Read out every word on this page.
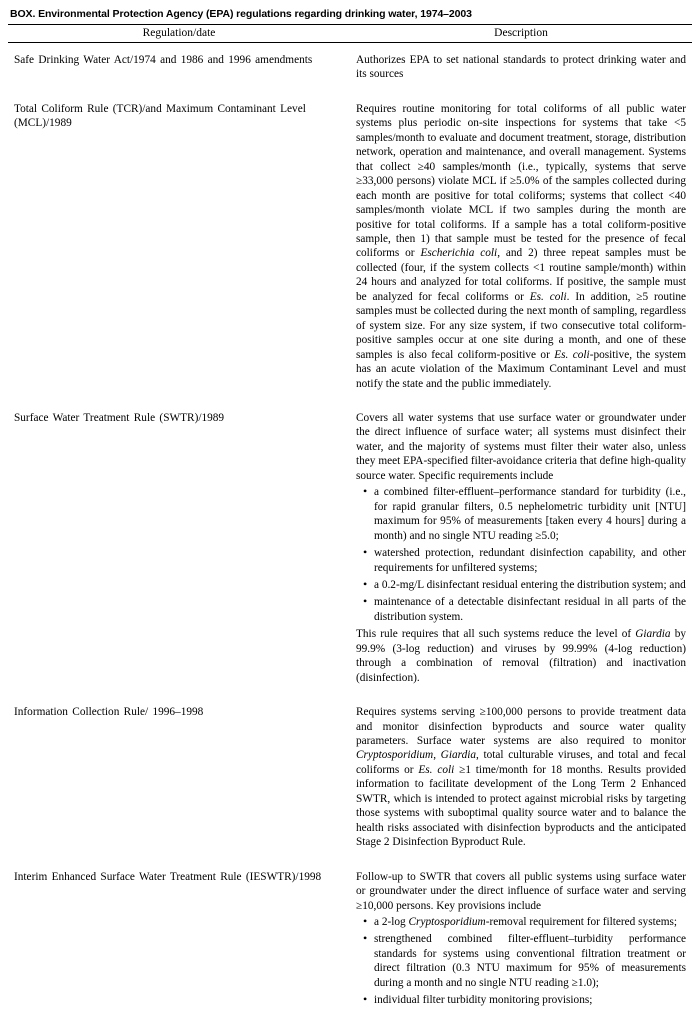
BOX. Environmental Protection Agency (EPA) regulations regarding drinking water, 1974–2003
Regulation/date	Description

Safe Drinking Water Act/1974 and 1986 and 1996 amendments	Authorizes EPA to set national standards to protect drinking water and its sources

Total Coliform Rule (TCR)/and Maximum Contaminant Level (MCL)/1989	Requires routine monitoring for total coliforms of all public water systems plus periodic on-site inspections for systems that take <5 samples/month to evaluate and document treatment, storage, distribution network, operation and maintenance, and overall management. Systems that collect ≥40 samples/month (i.e., typically, systems that serve ≥33,000 persons) violate MCL if ≥5.0% of the samples collected during each month are positive for total coliforms; systems that collect <40 samples/month violate MCL if two samples during the month are positive for total coliforms. If a sample has a total coliform-positive sample, then 1) that sample must be tested for the presence of fecal coliforms or Escherichia coli, and 2) three repeat samples must be collected (four, if the system collects <1 routine sample/month) within 24 hours and analyzed for total coliforms. If positive, the sample must be analyzed for fecal coliforms or Es. coli. In addition, ≥5 routine samples must be collected during the next month of sampling, regardless of system size. For any size system, if two consecutive total coliform-positive samples occur at one site during a month, and one of these samples is also fecal coliform-positive or Es. coli-positive, the system has an acute violation of the Maximum Contaminant Level and must notify the state and the public immediately.

Surface Water Treatment Rule (SWTR)/1989	Covers all water systems that use surface water or groundwater under the direct influence of surface water; all systems must disinfect their water, and the majority of systems must filter their water also, unless they meet EPA-specified filter-avoidance criteria that define high-quality source water. Specific requirements include
• a combined filter-effluent–performance standard for turbidity (i.e., for rapid granular filters, 0.5 nephelometric turbidity unit [NTU] maximum for 95% of measurements [taken every 4 hours] during a month) and no single NTU reading ≥5.0;
• watershed protection, redundant disinfection capability, and other requirements for unfiltered systems;
• a 0.2-mg/L disinfectant residual entering the distribution system; and
• maintenance of a detectable disinfectant residual in all parts of the distribution system.
This rule requires that all such systems reduce the level of Giardia by 99.9% (3-log reduction) and viruses by 99.99% (4-log reduction) through a combination of removal (filtration) and inactivation (disinfection).

Information Collection Rule/ 1996–1998	Requires systems serving ≥100,000 persons to provide treatment data and monitor disinfection byproducts and source water quality parameters. Surface water systems are also required to monitor Cryptosporidium, Giardia, total culturable viruses, and total and fecal coliforms or Es. coli ≥1 time/month for 18 months. Results provided information to facilitate development of the Long Term 2 Enhanced SWTR, which is intended to protect against microbial risks by targeting those systems with suboptimal quality source water and to balance the health risks associated with disinfection byproducts and the anticipated Stage 2 Disinfection Byproduct Rule.

Interim Enhanced Surface Water Treatment Rule (IESWTR)/1998	Follow-up to SWTR that covers all public systems using surface water or groundwater under the direct influence of surface water and serving ≥10,000 persons. Key provisions include
• a 2-log Cryptosporidium-removal requirement for filtered systems;
• strengthened combined filter-effluent–turbidity performance standards for systems using conventional filtration treatment or direct filtration (0.3 NTU maximum for 95% of measurements during a month and no single NTU reading ≥1.0);
• individual filter turbidity monitoring provisions;
